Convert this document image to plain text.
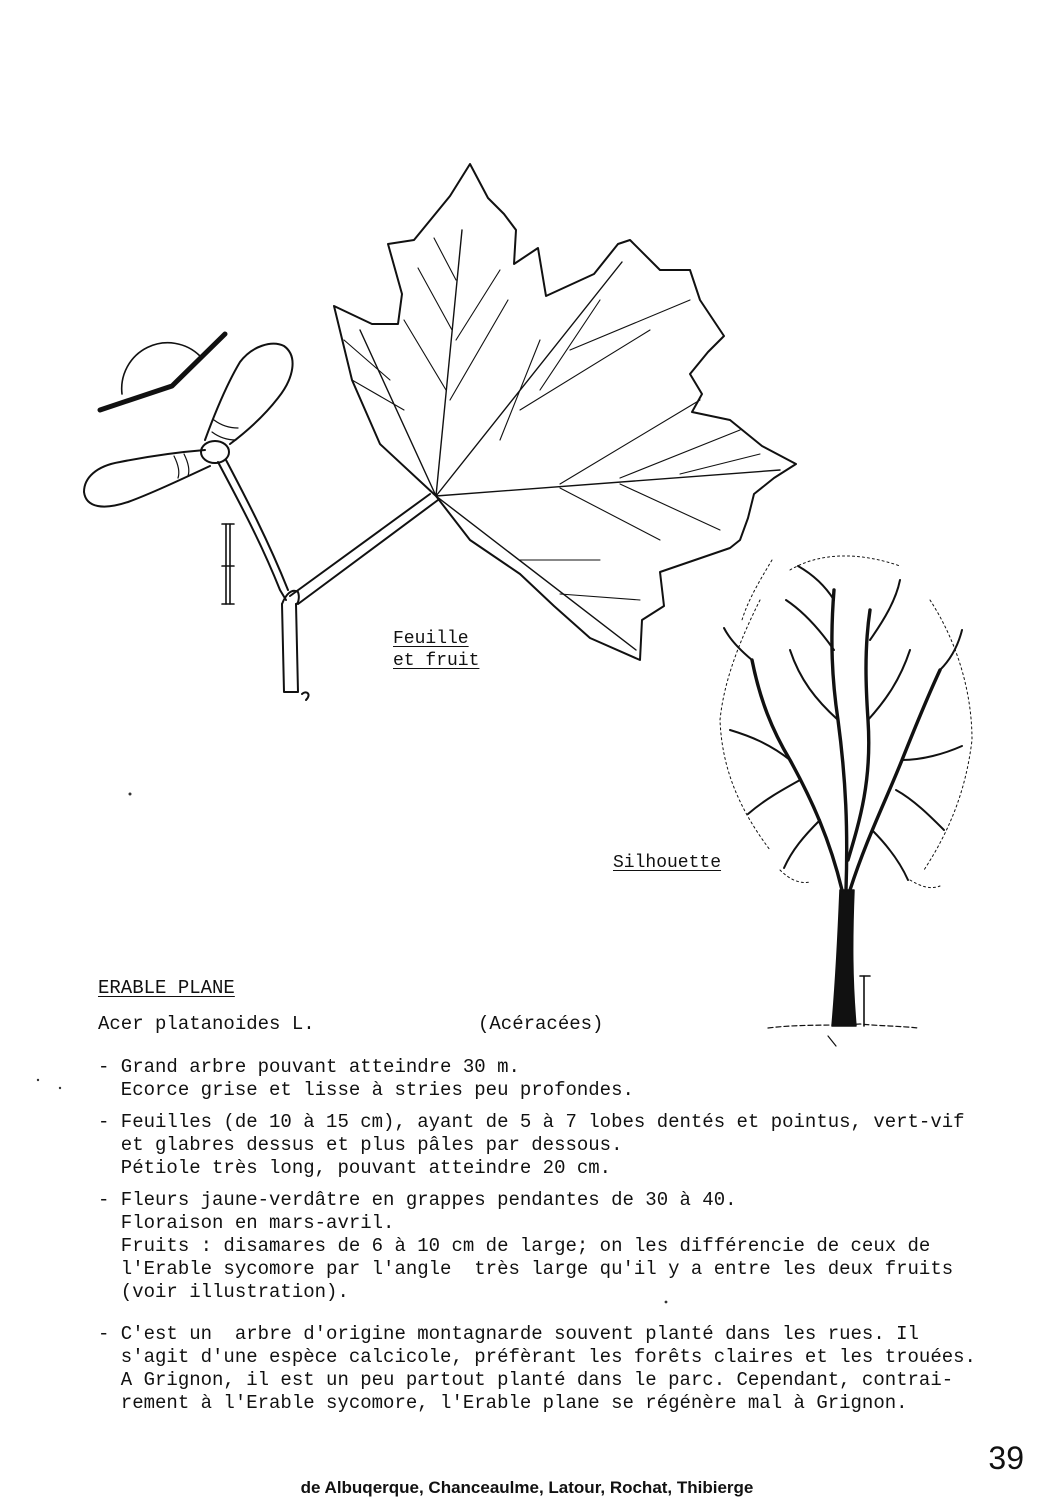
Feuille
et fruit
Silhouette
ERABLE PLANE
Acer platanoides L.	(Acéracées)
- Grand arbre pouvant atteindre 30 m.
Ecorce grise et lisse à stries peu profondes.
- Feuilles (de 10 à 15 cm), ayant de 5 à 7 lobes dentés et pointus, vert-vif
et glabres dessus et plus pâles par dessous.
Pétiole très long, pouvant atteindre 20 cm.
- Fleurs jaune-verdâtre en grappes pendantes de 30 à 40.
Floraison en mars-avril.
Fruits : disamares de 6 à 10 cm de large; on les différencie de ceux de
l'Erable sycomore par l'angle  très large qu'il y a entre les deux fruits
(voir illustration).
- C'est un  arbre d'origine montagnarde souvent planté dans les rues. Il
s'agit d'une espèce calcicole, préfèrant les forêts claires et les trouées.
A Grignon, il est un peu partout planté dans le parc. Cependant, contrai-
rement à l'Erable sycomore, l'Erable plane se régénère mal à Grignon.
39
de Albuqerque, Chanceaulme, Latour, Rochat, Thibierge
